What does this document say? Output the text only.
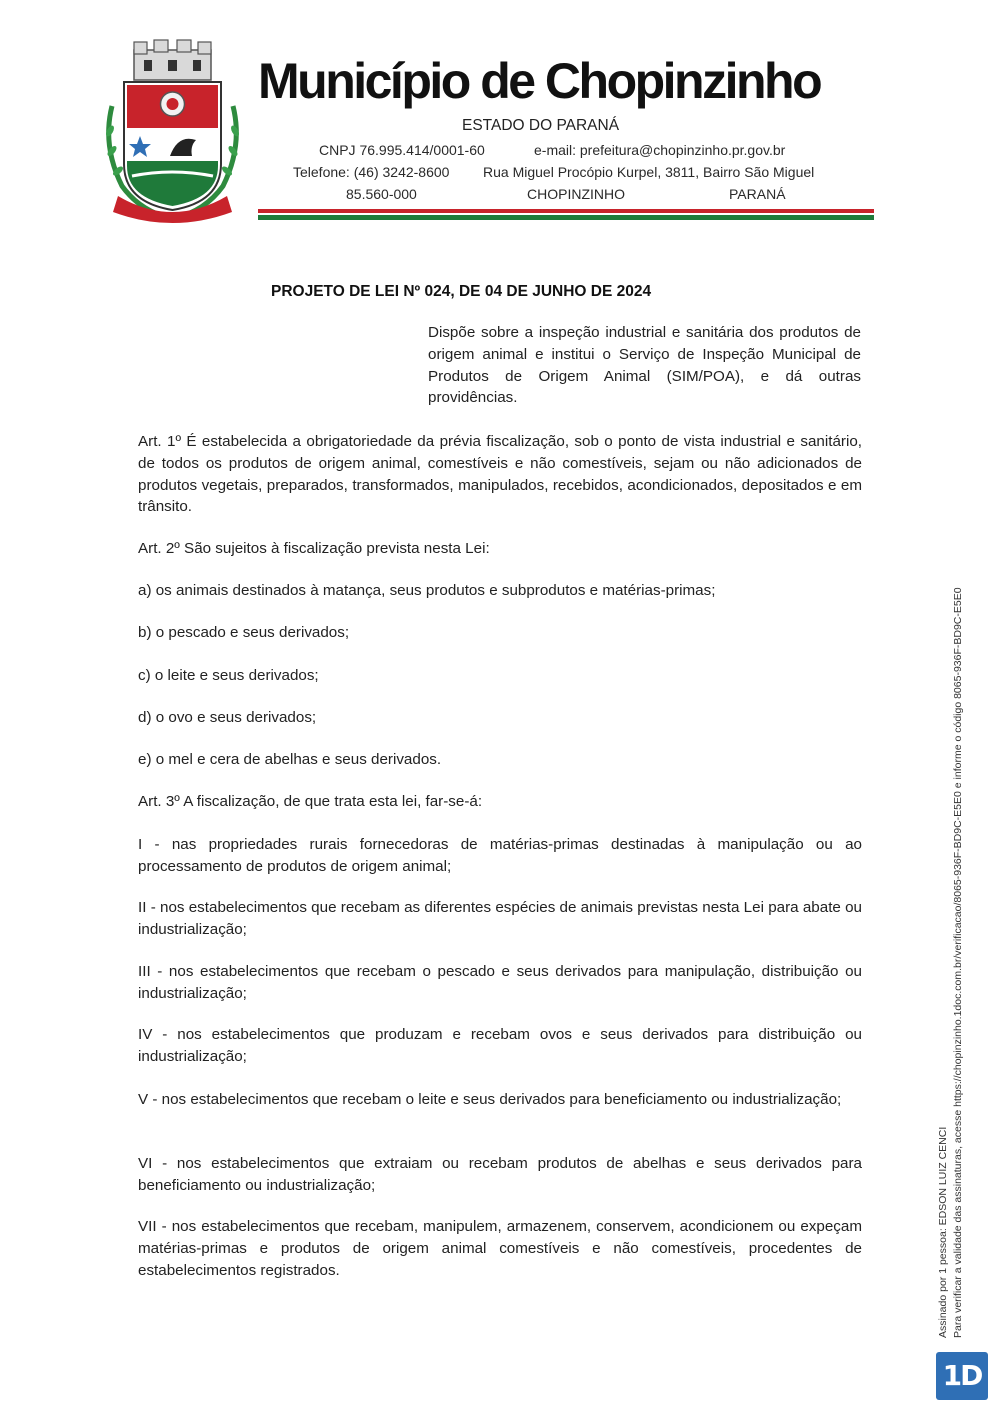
Município de Chopinzinho
ESTADO DO PARANÁ
CNPJ 76.995.414/0001-60	e-mail: prefeitura@chopinzinho.pr.gov.br
Telefone: (46) 3242-8600 Rua Miguel Procópio Kurpel, 3811, Bairro São Miguel
85.560-000	CHOPINZINHO	PARANÁ
PROJETO DE LEI Nº 024, DE 04 DE JUNHO DE 2024
Dispõe sobre a inspeção industrial e sanitária dos produtos de origem animal e institui o Serviço de Inspeção Municipal de Produtos de Origem Animal (SIM/POA), e dá outras providências.
Art. 1º É estabelecida a obrigatoriedade da prévia fiscalização, sob o ponto de vista industrial e sanitário, de todos os produtos de origem animal, comestíveis e não comestíveis, sejam ou não adicionados de produtos vegetais, preparados, transformados, manipulados, recebidos, acondicionados, depositados e em trânsito.
Art. 2º São sujeitos à fiscalização prevista nesta Lei:
a) os animais destinados à matança, seus produtos e subprodutos e matérias-primas;
b) o pescado e seus derivados;
c) o leite e seus derivados;
d) o ovo e seus derivados;
e) o mel e cera de abelhas e seus derivados.
Art. 3º A fiscalização, de que trata esta lei, far-se-á:
I - nas propriedades rurais fornecedoras de matérias-primas destinadas à manipulação ou ao processamento de produtos de origem animal;
II - nos estabelecimentos que recebam as diferentes espécies de animais previstas nesta Lei para abate ou industrialização;
III - nos estabelecimentos que recebam o pescado e seus derivados para manipulação, distribuição ou industrialização;
IV - nos estabelecimentos que produzam e recebam ovos e seus derivados para distribuição ou industrialização;
V - nos estabelecimentos que recebam o leite e seus derivados para beneficiamento ou industrialização;
VI - nos estabelecimentos que extraiam ou recebam produtos de abelhas e seus derivados para beneficiamento ou industrialização;
VII - nos estabelecimentos que recebam, manipulem, armazenem, conservem, acondicionem ou expeçam matérias-primas e produtos de origem animal comestíveis e não comestíveis, procedentes de estabelecimentos registrados.	Assinado por 1 pessoa: EDSON LUIZ CENCI Para verificar a validade das assinaturas, acesse https://chopinzinho.1doc.com.br/verificacao/8065-936F-BD9C-E5E0 e informe o código 8065-936F-BD9C-E5E0
1D
